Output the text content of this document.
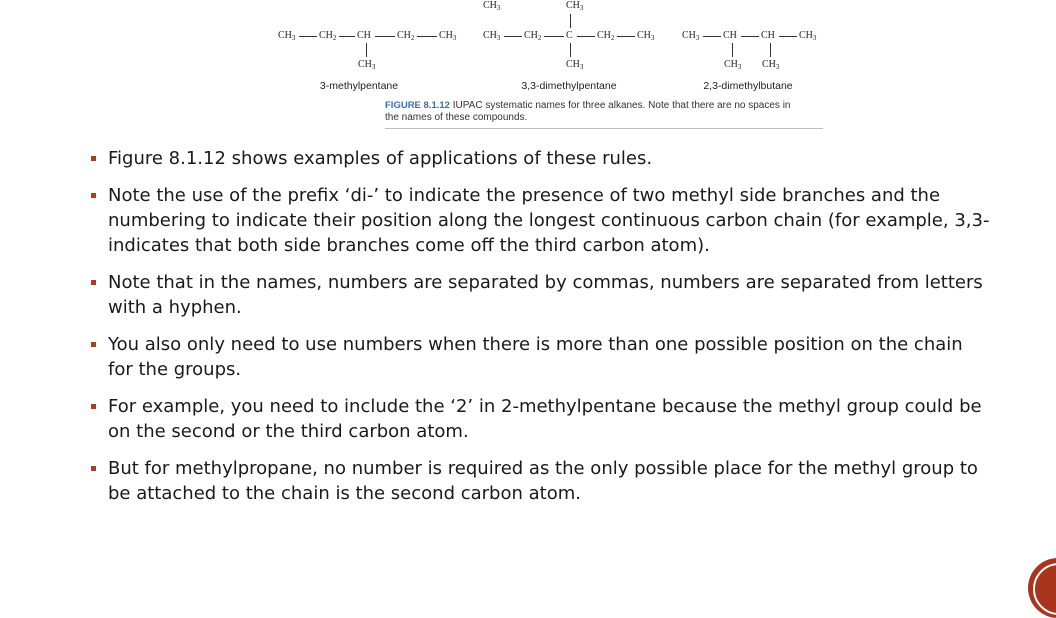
$CH_3$ $CH_2$ CH	$CH_2$ $CH_3$
$CH_3$
$CH_3$	$CH_3$
$CH_3$ $CH_2$ C $CH_2$ $CH_3$
$CH_3$
$CH_3$ CH CH $CH_3$
$CH_3$ $CH_3$
3-methylpentane	3,3-dimethylpentane	2,3-dimethylbutane
FIGURE 8.1.12 IUPAC systematic names for three alkanes. Note that there are no spaces in the names of these compounds.
Figure 8.1.12 shows examples of applications of these rules.
Note the use of the prefix ‘di-’ to indicate the presence of two methyl side branches and the numbering to indicate their position along the longest continuous carbon chain (for example, 3,3- indicates that both side branches come off the third carbon atom).
Note that in the names, numbers are separated by commas, numbers are separated from letters with a hyphen.
You also only need to use numbers when there is more than one possible position on the chain for the groups.
For example, you need to include the ‘2’ in 2-methylpentane because the methyl group could be on the second or the third carbon atom.
But for methylpropane, no number is required as the only possible place for the methyl group to be attached to the chain is the second carbon atom.
